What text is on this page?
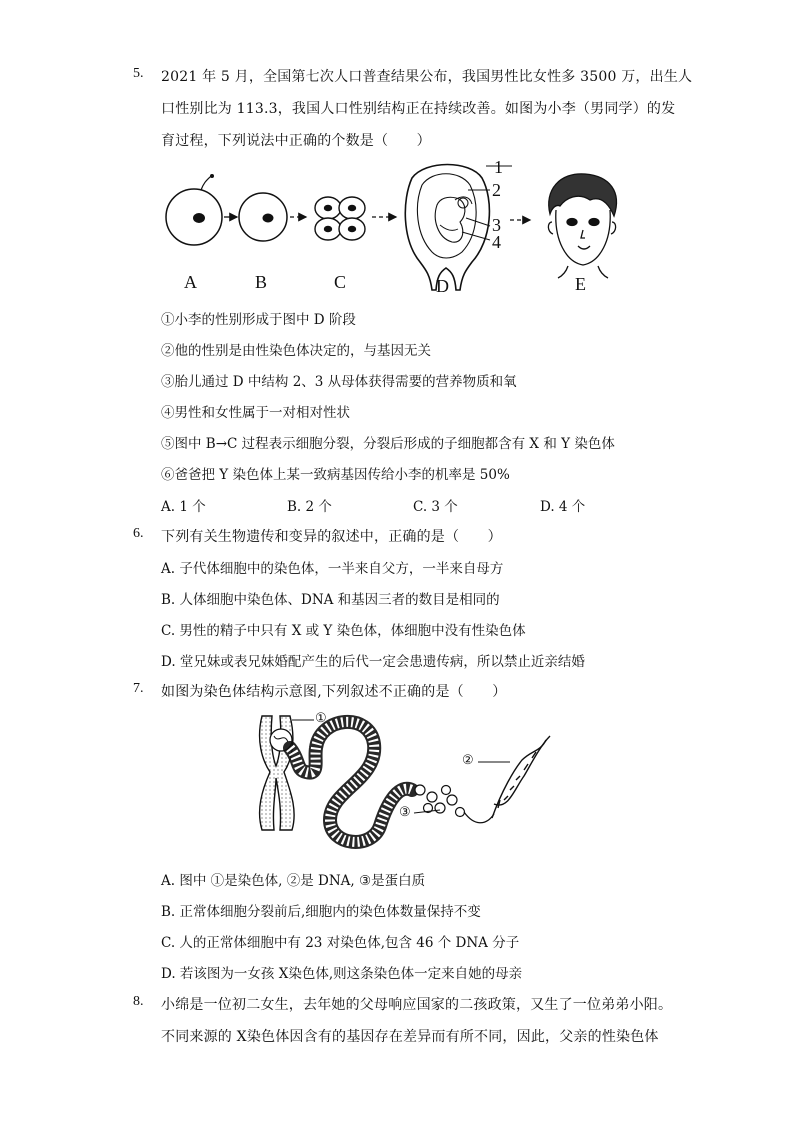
5. 2021 年 5 月，全国第七次人口普查结果公布，我国男性比女性多 3500 万，出生人
口性别比为 113.3，我国人口性别结构正在持续改善。如图为小李（男同学）的发
育过程，下列说法中正确的个数是（　　）
A	B	C	D	E
1
2
3
4
①小李的性别形成于图中 D 阶段
②他的性别是由性染色体决定的，与基因无关
③胎儿通过 D 中结构 2、3 从母体获得需要的营养物质和氧
④男性和女性属于一对相对性状
⑤图中 B→C 过程表示细胞分裂，分裂后形成的子细胞都含有 X 和 Y 染色体
⑥爸爸把 Y 染色体上某一致病基因传给小李的机率是 50%
A. 1 个	B. 2 个	C. 3 个	D. 4 个
6. 下列有关生物遗传和变异的叙述中，正确的是（　　）
A. 子代体细胞中的染色体，一半来自父方，一半来自母方
B. 人体细胞中染色体、DNA 和基因三者的数目是相同的
C. 男性的精子中只有 X 或 Y 染色体，体细胞中没有性染色体
D. 堂兄妹或表兄妹婚配产生的后代一定会患遗传病，所以禁止近亲结婚
7. 如图为染色体结构示意图,下列叙述不正确的是（　　）
①
②
③
A. 图中 ①是染色体, ②是 DNA, ③是蛋白质
B. 正常体细胞分裂前后,细胞内的染色体数量保持不变
C. 人的正常体细胞中有 23 对染色体,包含 46 个 DNA 分子
D. 若该图为一女孩 X染色体,则这条染色体一定来自她的母亲
8. 小绵是一位初二女生，去年她的父母响应国家的二孩政策，又生了一位弟弟小阳。
不同来源的 X染色体因含有的基因存在差异而有所不同，因此，父亲的性染色体
